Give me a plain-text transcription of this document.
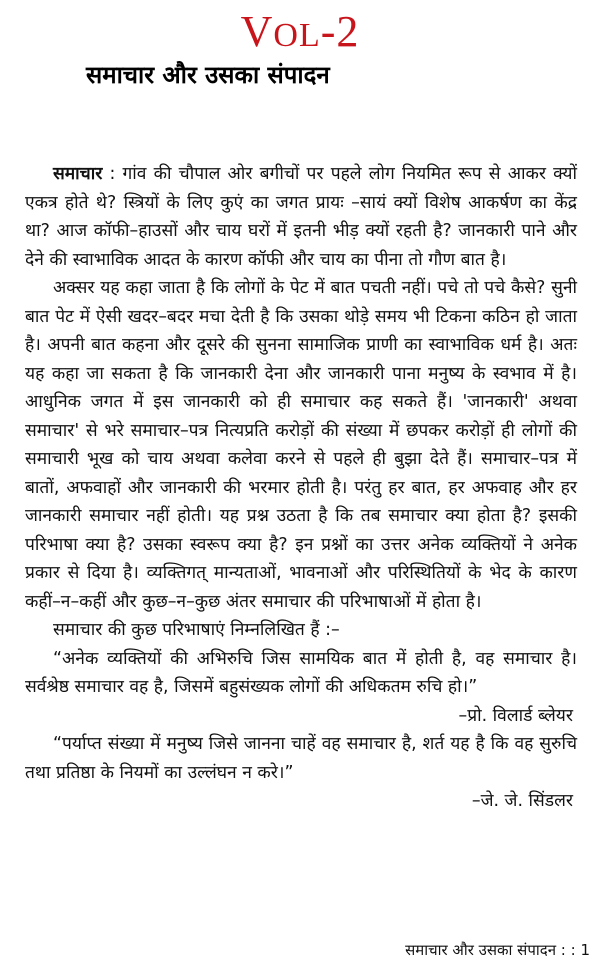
VOL-2
समाचार और उसका संपादन

समाचार : गांव की चौपाल ओर बगीचों पर पहले लोग नियमित रूप से आकर क्यों एकत्र होते थे? स्त्रियों के लिए कुएं का जगत प्रायः –सायं क्यों विशेष आकर्षण का केंद्र था? आज कॉफी–हाउसों और चाय घरों में इतनी भीड़ क्यों रहती है? जानकारी पाने और देने की स्वाभाविक आदत के कारण कॉफी और चाय का पीना तो गौण बात है।

अक्सर यह कहा जाता है कि लोगों के पेट में बात पचती नहीं। पचे तो पचे कैसे? सुनी बात पेट में ऐसी खदर–बदर मचा देती है कि उसका थोड़े समय भी टिकना कठिन हो जाता है। अपनी बात कहना और दूसरे की सुनना सामाजिक प्राणी का स्वाभाविक धर्म है। अतः यह कहा जा सकता है कि जानकारी देना और जानकारी पाना मनुष्य के स्वभाव में है। आधुनिक जगत में इस जानकारी को ही समाचार कह सकते हैं। 'जानकारी' अथवा समाचार' से भरे समाचार–पत्र नित्यप्रति करोड़ों की संख्या में छपकर करोड़ों ही लोगों की समाचारी भूख को चाय अथवा कलेवा करने से पहले ही बुझा देते हैं। समाचार–पत्र में बातों, अफवाहों और जानकारी की भरमार होती है। परंतु हर बात, हर अफवाह और हर जानकारी समाचार नहीं होती। यह प्रश्न उठता है कि तब समाचार क्या होता है? इसकी परिभाषा क्या है? उसका स्वरूप क्या है? इन प्रश्नों का उत्तर अनेक व्यक्तियों ने अनेक प्रकार से दिया है। व्यक्तिगत् मान्यताओं, भावनाओं और परिस्थितियों के भेद के कारण कहीं–न–कहीं और कुछ–न–कुछ अंतर समाचार की परिभाषाओं में होता है।

समाचार की कुछ परिभाषाएं निम्नलिखित हैं :–

“अनेक व्यक्तियों की अभिरुचि जिस सामयिक बात में होती है, वह समाचार है। सर्वश्रेष्ठ समाचार वह है, जिसमें बहुसंख्यक लोगों की अधिकतम रुचि हो।”

–प्रो. विलार्ड ब्लेयर

“पर्याप्त संख्या में मनुष्य जिसे जानना चाहें वह समाचार है, शर्त यह है कि वह सुरुचि तथा प्रतिष्ठा के नियमों का उल्लंघन न करे।”

–जे. जे. सिंडलर

समाचार और उसका संपादन : : 1
